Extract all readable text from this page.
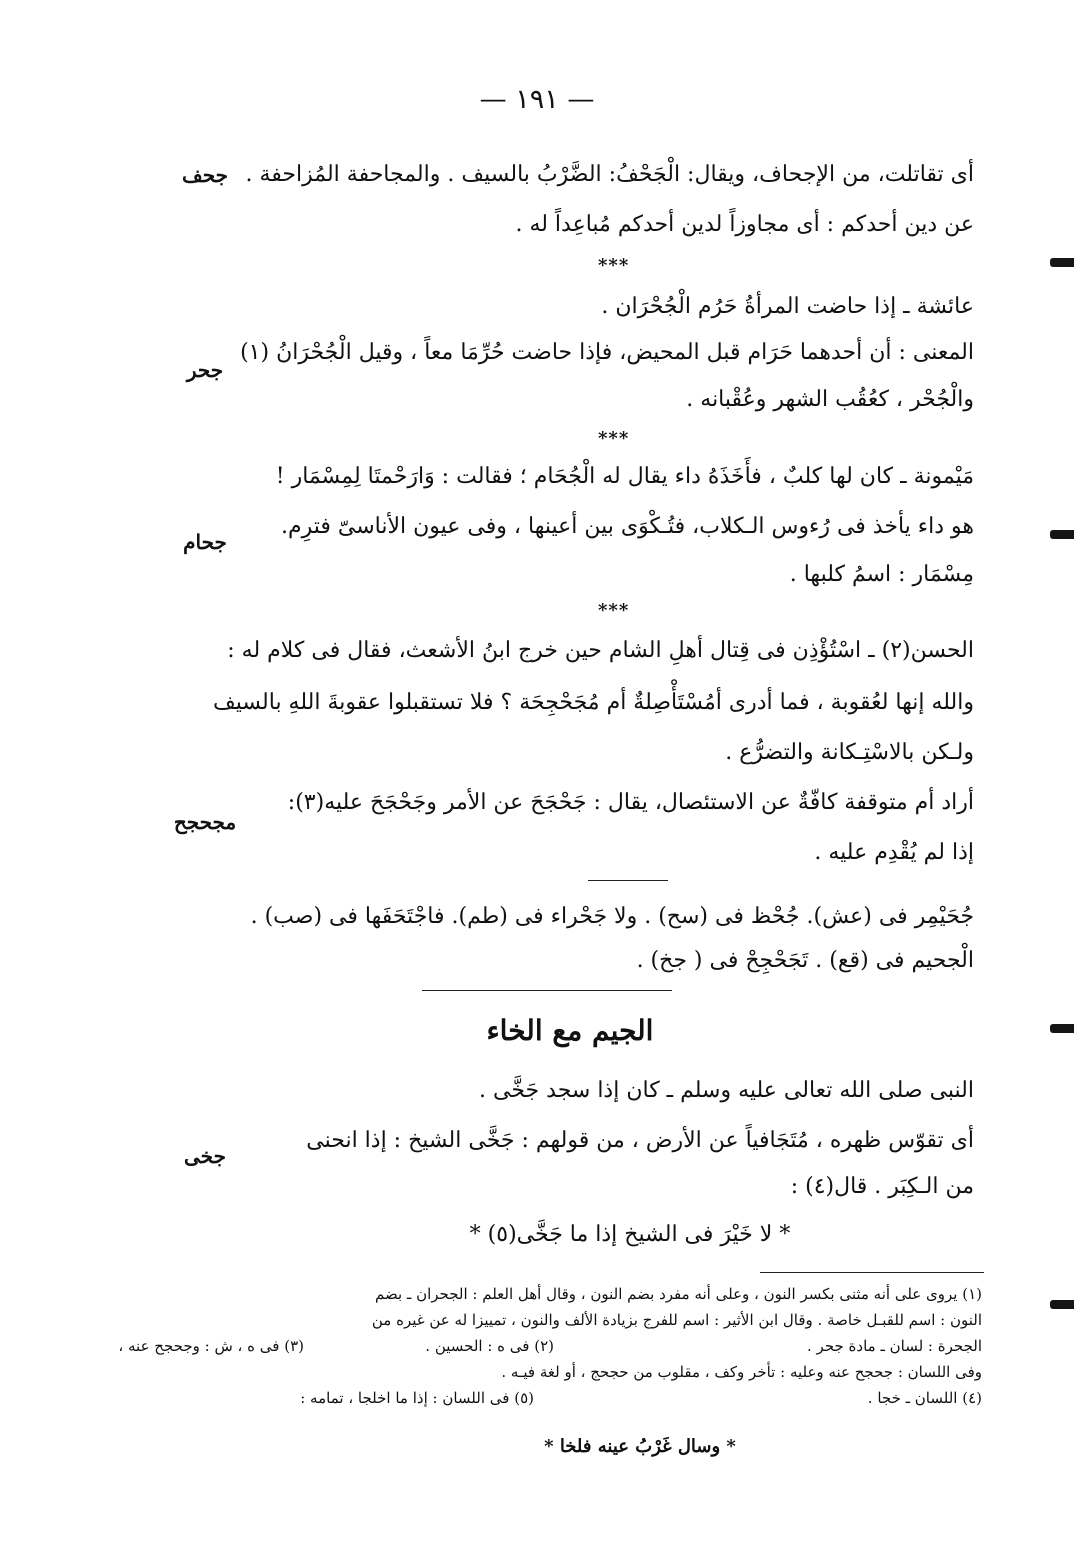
— ١٩١ —
أى تقاتلت، من الإجحاف، ويقال: الْجَحْفُ: الضَّرْبُ بالسيف . والمجاحفة المُزاحفة .
جحف
عن دين أحدكم : أى مجاوزاً لدين أحدكم مُباعِداً له .
***
عائشة ـ إذا حاضت المرأةُ حَرُم الْجُحْرَان .
المعنى : أن أحدهما حَرَام قبل المحيض، فإذا حاضت حُرِّمَا معاً ، وقيل الْجُحْرَانُ (١)
جحر
والْجُحْر ، كعُقُب الشهر وعُقْبانه .
***
مَيْمونة ـ كان لها كلبٌ ، فأَخَذَهُ داء يقال له الْجُحَام ؛ فقالت : وَارَحْمتَا لِمِسْمَار !
هو داء يأخذ فى رُءوس الـكلاب، فتُـكْوَى بين أعينها ، وفى عيون الأناسىّ فترِم.
جحام
مِسْمَار : اسمُ كلبها .
***
الحسن(٢) ـ اسْتُؤْذِن فى قِتال أهلِ الشام حين خرج ابنُ الأشعث، فقال فى كلام له :
والله إنها لعُقوبة ، فما أدرى أمُسْتَأْصِلةٌ أم مُجَحْجِحَة ؟ فلا تستقبلوا عقوبةَ اللهِ بالسيف
ولـكن بالاسْتِـكانة والتضرُّع .
أراد أم متوقفة كافّةٌ عن الاستئصال، يقال : جَحْجَحَ عن الأمر وجَحْجَحَ عليه(٣):
مجحجح
إذا لم يُقْدِم عليه .
جُحَيْمِر فى (عش). جُحْظ فى (سح) . ولا جَحْراء فى (طم). فاجْتَحَفَها فى (صب) .
الْجحيم فى (قع) . تَجَحْجِحْ فى ( جخ) .
الجيم مع الخاء
النبى صلى الله تعالى عليه وسلم ـ كان إذا سجد جَخَّى .
أى تقوّس ظهره ، مُتَجَافياً عن الأرض ، من قولهم : جَخَّى الشيخ : إذا انحنى
جخى
من الـكِبَر . قال(٤) :
* لا خَيْرَ فى الشيخ إذا ما جَخَّى(٥) *
(١) يروى على أنه مثنى بكسر النون ، وعلى أنه مفرد بضم النون ، وقال أهل العلم : الجحران ـ بضم
النون : اسم للقبـل خاصة . وقال ابن الأثير : اسم للفرج بزيادة الألف والنون ، تمييزا له عن غيره من
الجحرة : لسان ـ مادة جحر .
(٢) فى ه : الحسين .
(٣) فى ه ، ش : وجحجح عنه ،
وفى اللسان : جحجح عنه وعليه : تأخر وكف ، مقلوب من حجحج ، أو لغة فيـه .
(٤) اللسان ـ خجا .
(٥) فى اللسان : إذا ما اخلجا ، تمامه :
* وسال غَرْبُ عينه فلخا *
